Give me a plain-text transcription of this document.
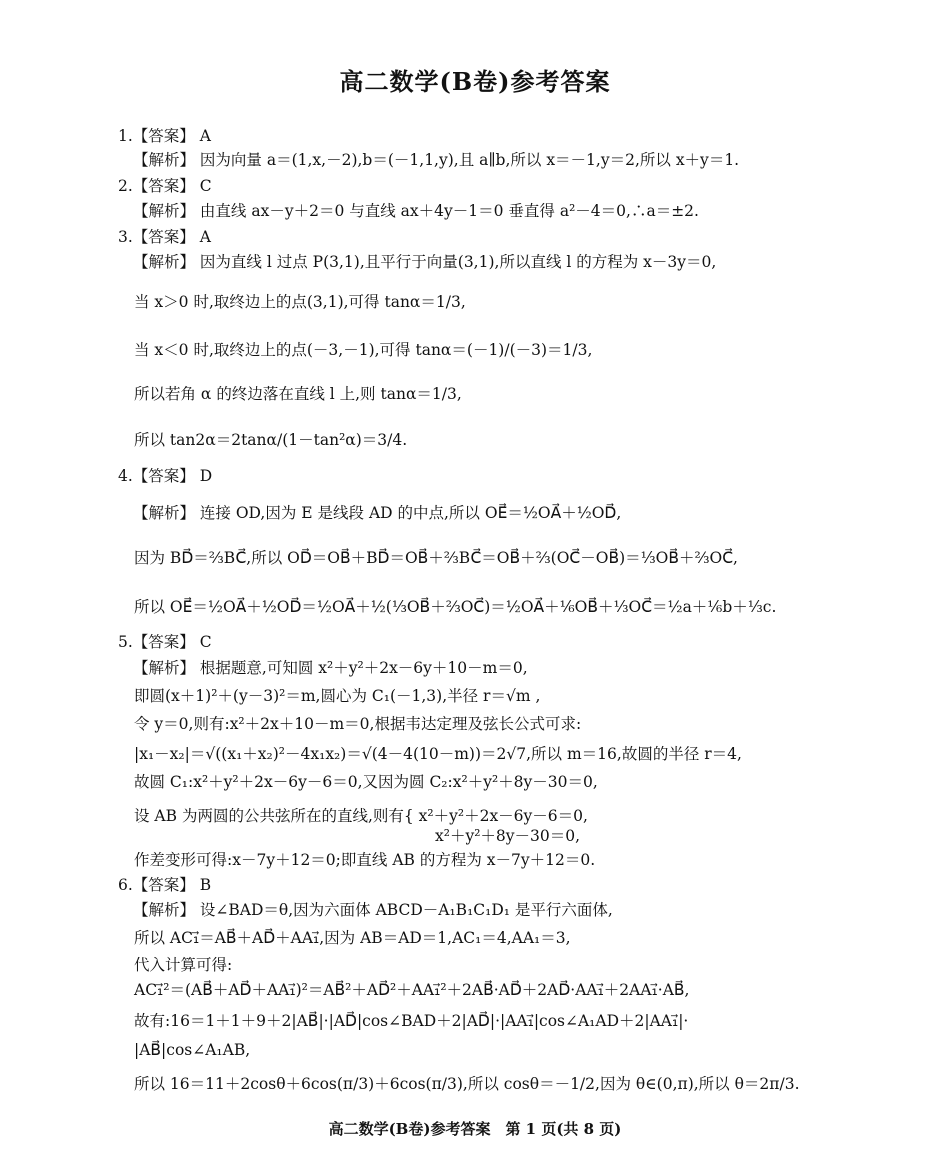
高二数学(B卷)参考答案
1.【答案】 A
【解析】 因为向量 a＝(1,x,－2),b＝(－1,1,y),且 a∥b,所以 x＝－1,y＝2,所以 x＋y＝1.
2.【答案】 C
【解析】 由直线 ax－y＋2＝0 与直线 ax＋4y－1＝0 垂直得 a²－4＝0,∴a＝±2.
3.【答案】 A
【解析】 因为直线 l 过点 P(3,1),且平行于向量(3,1),所以直线 l 的方程为 x－3y＝0,
当 x＞0 时,取终边上的点(3,1),可得 tanα＝1/3,
当 x＜0 时,取终边上的点(－3,－1),可得 tanα＝(－1)/(－3)＝1/3,
所以若角 α 的终边落在直线 l 上,则 tanα＝1/3,
所以 tan2α＝2tanα/(1－tan²α)＝3/4.
4.【答案】 D
【解析】 连接 OD,因为 E 是线段 AD 的中点,所以 OE⃗＝½OA⃗＋½OD⃗,
因为 BD⃗＝⅔BC⃗,所以 OD⃗＝OB⃗＋BD⃗＝OB⃗＋⅔BC⃗＝OB⃗＋⅔(OC⃗－OB⃗)＝⅓OB⃗＋⅔OC⃗,
所以 OE⃗＝½OA⃗＋½OD⃗＝½OA⃗＋½(⅓OB⃗＋⅔OC⃗)＝½OA⃗＋⅙OB⃗＋⅓OC⃗＝½a＋⅙b＋⅓c.
5.【答案】 C
【解析】 根据题意,可知圆 x²＋y²＋2x－6y＋10－m＝0,
即圆(x＋1)²＋(y－3)²＝m,圆心为 C₁(－1,3),半径 r＝√m ,
令 y＝0,则有:x²＋2x＋10－m＝0,根据韦达定理及弦长公式可求:
|x₁－x₂|＝√((x₁＋x₂)²－4x₁x₂)＝√(4－4(10－m))＝2√7,所以 m＝16,故圆的半径 r＝4,
故圆 C₁:x²＋y²＋2x－6y－6＝0,又因为圆 C₂:x²＋y²＋8y－30＝0,
设 AB 为两圆的公共弦所在的直线,则有{ x²＋y²＋2x－6y－6＝0,
x²＋y²＋8y－30＝0,
作差变形可得:x－7y＋12＝0;即直线 AB 的方程为 x－7y＋12＝0.
6.【答案】 B
【解析】 设∠BAD＝θ,因为六面体 ABCD－A₁B₁C₁D₁ 是平行六面体,
所以 AC₁⃗＝AB⃗＋AD⃗＋AA₁⃗,因为 AB＝AD＝1,AC₁＝4,AA₁＝3,
代入计算可得:
AC₁⃗²＝(AB⃗＋AD⃗＋AA₁⃗)²＝AB⃗²＋AD⃗²＋AA₁⃗²＋2AB⃗·AD⃗＋2AD⃗·AA₁⃗＋2AA₁⃗·AB⃗,
故有:16＝1＋1＋9＋2|AB⃗|·|AD⃗|cos∠BAD＋2|AD⃗|·|AA₁⃗|cos∠A₁AD＋2|AA₁⃗|·
|AB⃗|cos∠A₁AB,
所以 16＝11＋2cosθ＋6cos(π/3)＋6cos(π/3),所以 cosθ＝－1/2,因为 θ∈(0,π),所以 θ＝2π/3.
高二数学(B卷)参考答案　第 1 页(共 8 页)
